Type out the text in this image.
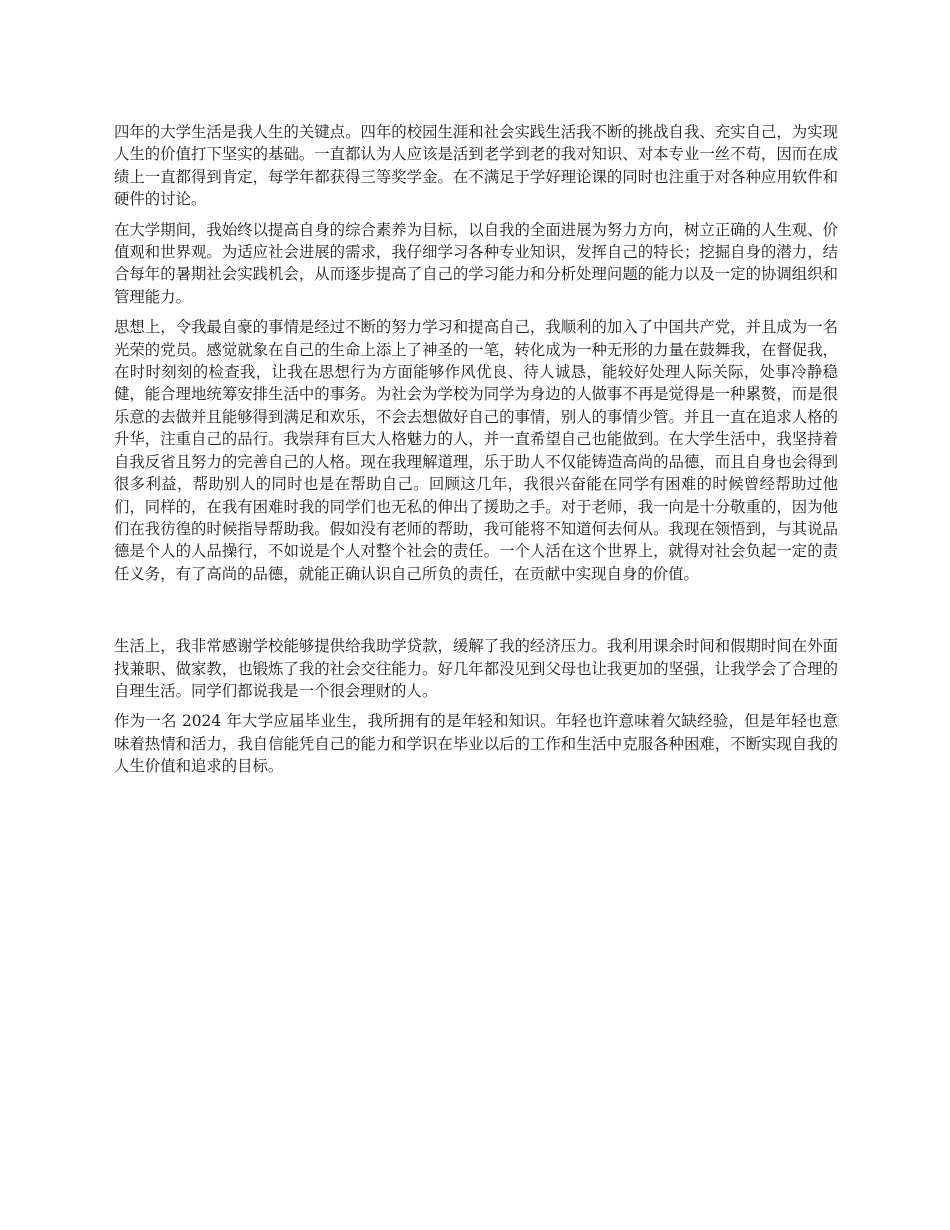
四年的大学生活是我人生的关键点。四年的校园生涯和社会实践生活我不断的挑战自我、充实自己，为实现人生的价值打下坚实的基础。一直都认为人应该是活到老学到老的我对知识、对本专业一丝不苟，因而在成绩上一直都得到肯定，每学年都获得三等奖学金。在不满足于学好理论课的同时也注重于对各种应用软件和硬件的讨论。

在大学期间，我始终以提高自身的综合素养为目标，以自我的全面进展为努力方向，树立正确的人生观、价值观和世界观。为适应社会进展的需求，我仔细学习各种专业知识，发挥自己的特长；挖掘自身的潜力，结合每年的暑期社会实践机会，从而逐步提高了自己的学习能力和分析处理问题的能力以及一定的协调组织和管理能力。

思想上，令我最自豪的事情是经过不断的努力学习和提高自己，我顺利的加入了中国共产党，并且成为一名光荣的党员。感觉就象在自己的生命上添上了神圣的一笔，转化成为一种无形的力量在鼓舞我，在督促我，在时时刻刻的检查我，让我在思想行为方面能够作风优良、待人诚恳，能较好处理人际关际，处事冷静稳健，能合理地统筹安排生活中的事务。为社会为学校为同学为身边的人做事不再是觉得是一种累赘，而是很乐意的去做并且能够得到满足和欢乐，不会去想做好自己的事情，别人的事情少管。并且一直在追求人格的升华，注重自己的品行。我崇拜有巨大人格魅力的人，并一直希望自己也能做到。在大学生活中，我坚持着自我反省且努力的完善自己的人格。现在我理解道理，乐于助人不仅能铸造高尚的品德，而且自身也会得到很多利益，帮助别人的同时也是在帮助自己。回顾这几年，我很兴奋能在同学有困难的时候曾经帮助过他们，同样的，在我有困难时我的同学们也无私的伸出了援助之手。对于老师，我一向是十分敬重的，因为他们在我彷徨的时候指导帮助我。假如没有老师的帮助，我可能将不知道何去何从。我现在领悟到，与其说品德是个人的人品操行，不如说是个人对整个社会的责任。一个人活在这个世界上，就得对社会负起一定的责任义务，有了高尚的品德，就能正确认识自己所负的责任，在贡献中实现自身的价值。

生活上，我非常感谢学校能够提供给我助学贷款，缓解了我的经济压力。我利用课余时间和假期时间在外面找兼职、做家教，也锻炼了我的社会交往能力。好几年都没见到父母也让我更加的坚强，让我学会了合理的自理生活。同学们都说我是一个很会理财的人。

作为一名 2024 年大学应届毕业生，我所拥有的是年轻和知识。年轻也许意味着欠缺经验，但是年轻也意味着热情和活力，我自信能凭自己的能力和学识在毕业以后的工作和生活中克服各种困难，不断实现自我的人生价值和追求的目标。
